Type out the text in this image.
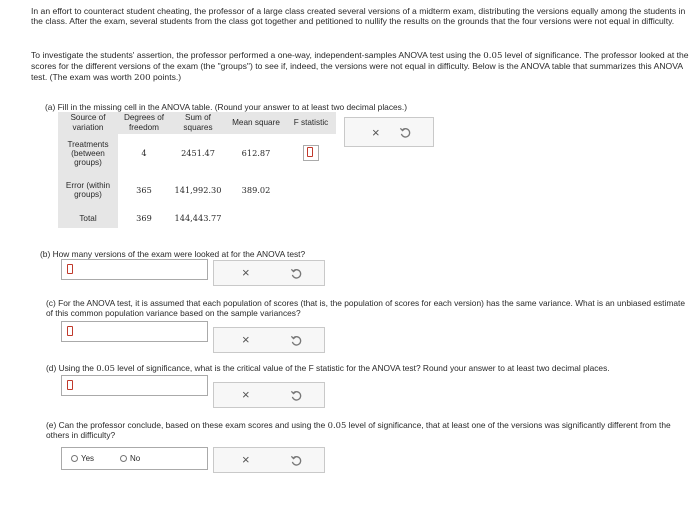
In an effort to counteract student cheating, the professor of a large class created several versions of a midterm exam, distributing the versions equally among the students in the class. After the exam, several students from the class got together and petitioned to nullify the results on the grounds that the four versions were not equal in difficulty.
To investigate the students' assertion, the professor performed a one-way, independent-samples ANOVA test using the 0.05 level of significance. The professor looked at the scores for the different versions of the exam (the "groups") to see if, indeed, the versions were not equal in difficulty. Below is the ANOVA table that summarizes this ANOVA test. (The exam was worth 200 points.)
(a) Fill in the missing cell in the ANOVA table. (Round your answer to at least two decimal places.)
Source of variation	Degrees of freedom	Sum of squares	Mean square	F statistic
Treatments (between groups)	4	2451.47	612.87	

Error (within groups)	365	141,992.30	389.02	
Total	369	144,443.77		
×
(b) How many versions of the exam were looked at for the ANOVA test?
×
(c) For the ANOVA test, it is assumed that each population of scores (that is, the population of scores for each version) has the same variance. What is an unbiased estimate of this common population variance based on the sample variances?
×
(d) Using the 0.05 level of significance, what is the critical value of the F statistic for the ANOVA test? Round your answer to at least two decimal places.
×
(e) Can the professor conclude, based on these exam scores and using the 0.05 level of significance, that at least one of the versions was significantly different from the others in difficulty?
Yes	No	×
